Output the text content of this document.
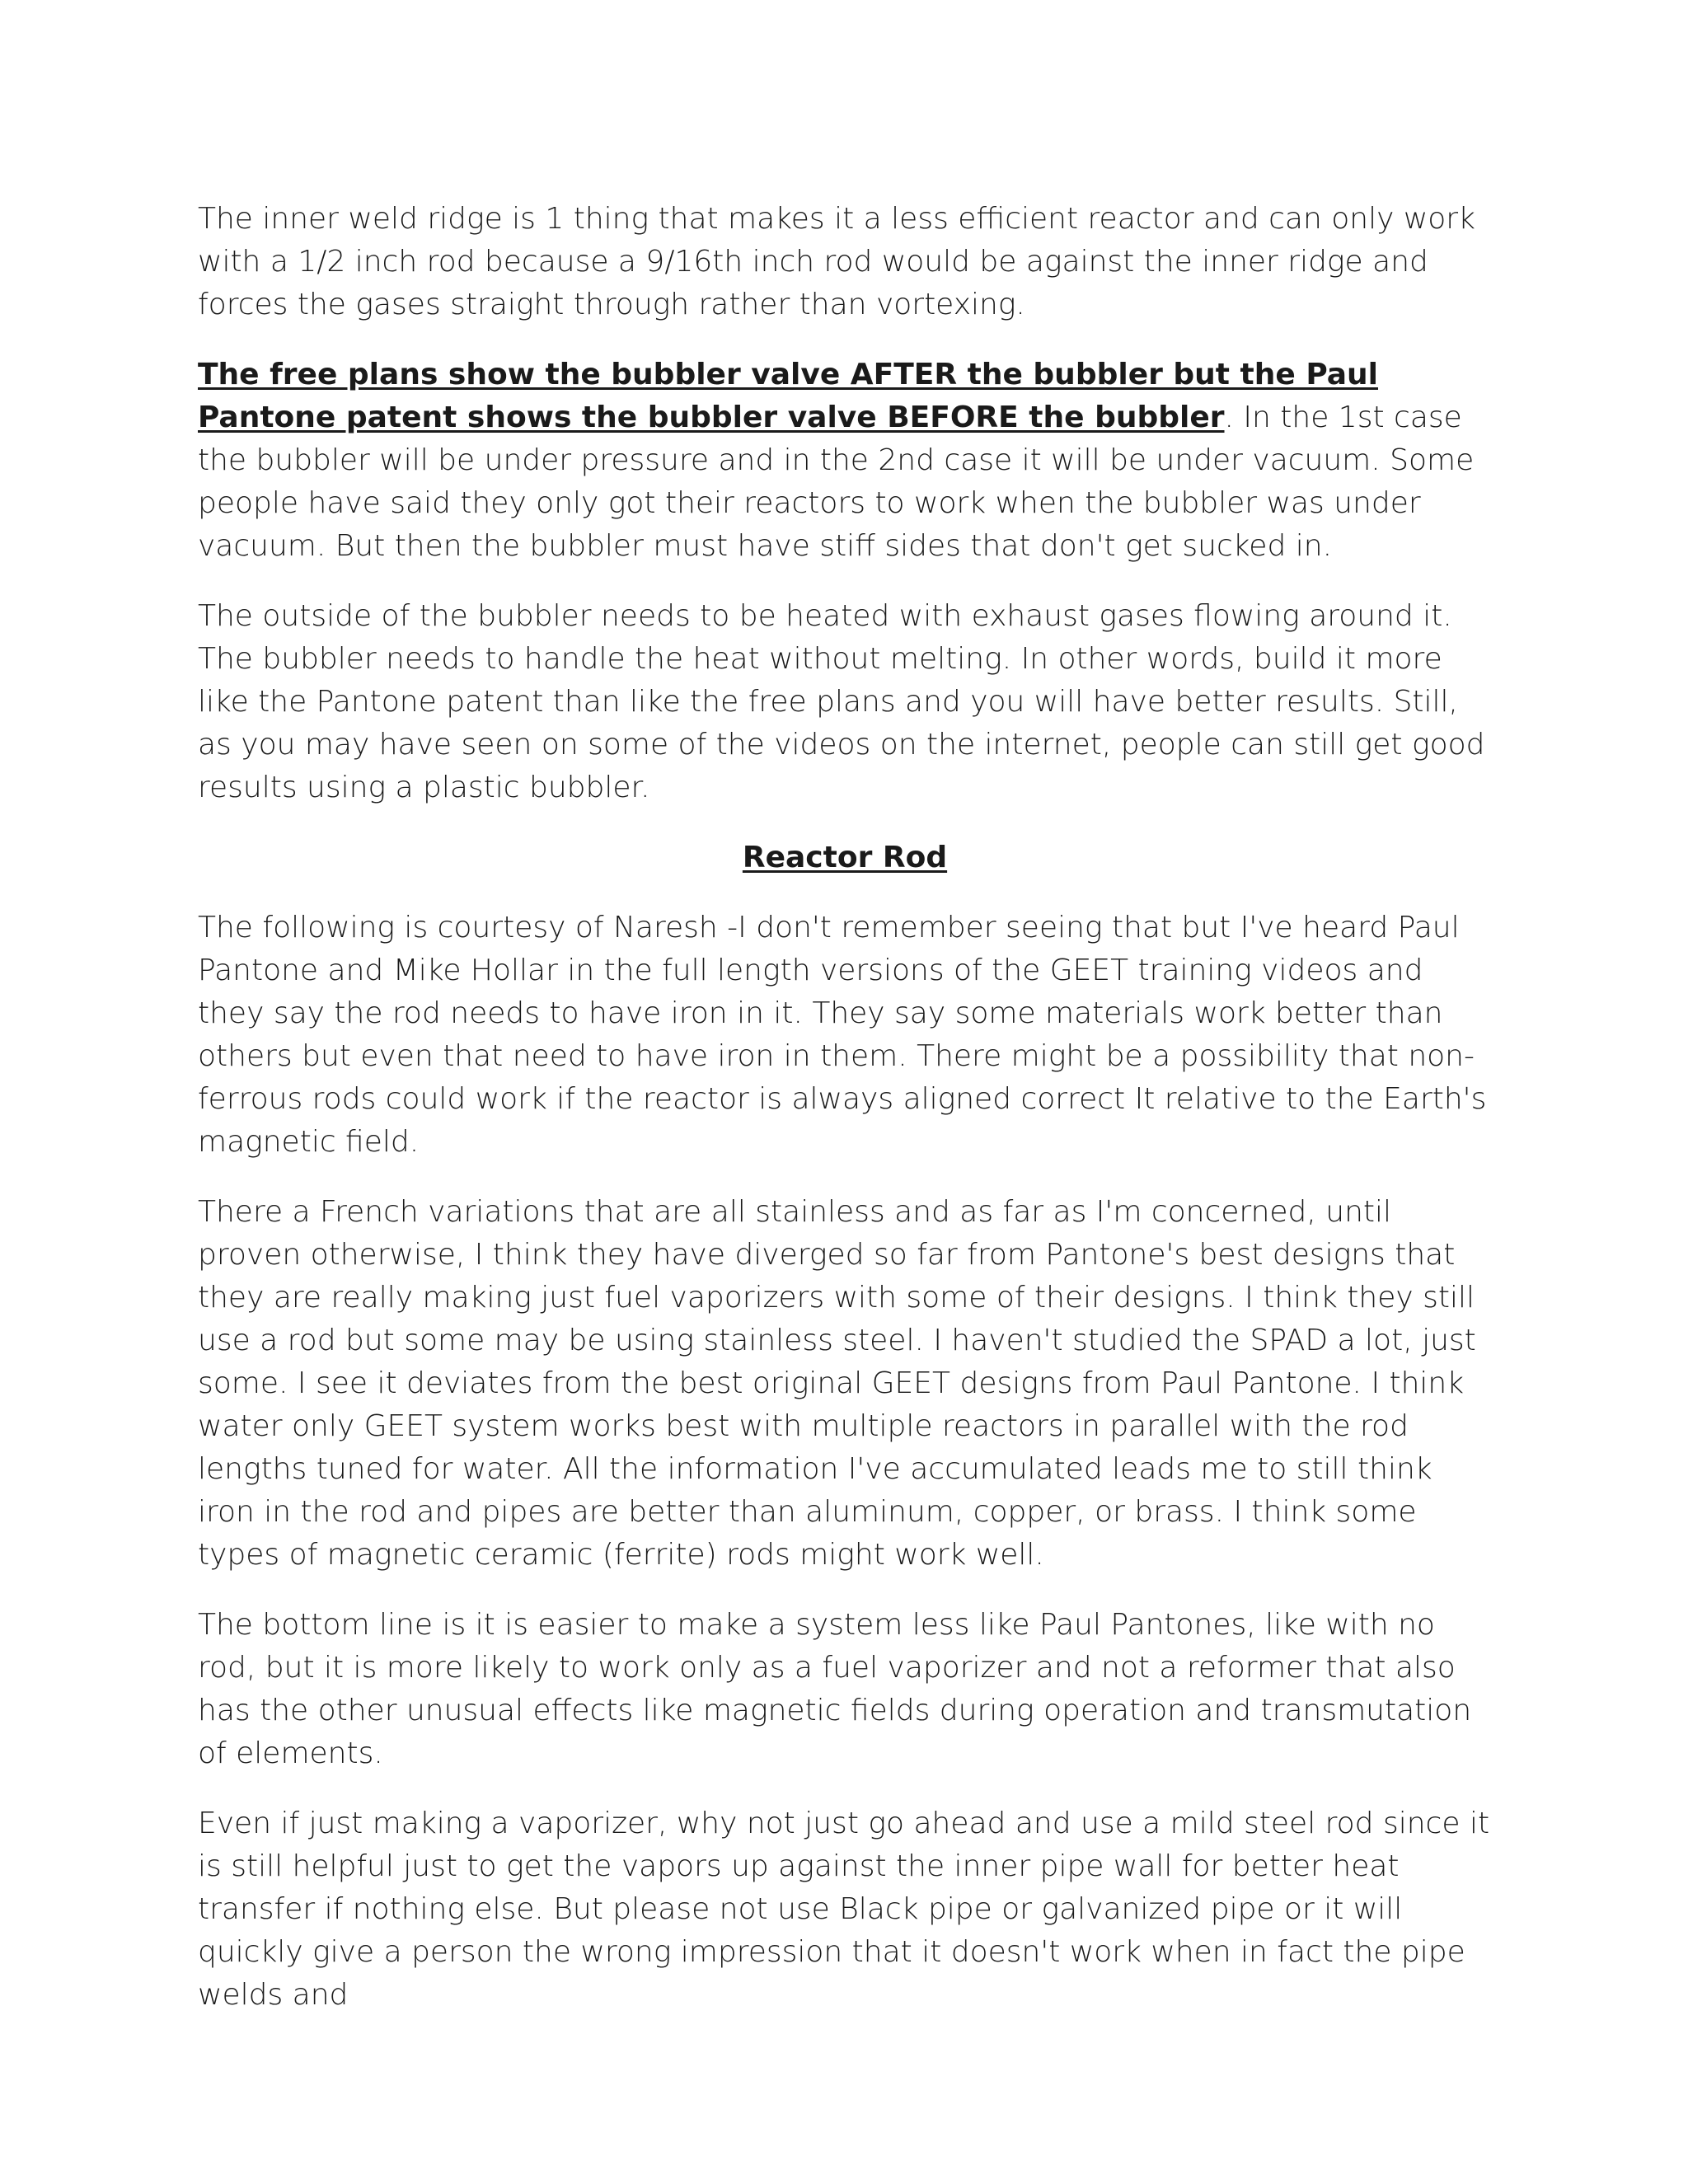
The inner weld ridge is 1 thing that makes it a less efficient reactor and can only work with a 1/2 inch rod because a 9/16th inch rod would be against the inner ridge and forces the gases straight through rather than vortexing.

The free plans show the bubbler valve AFTER the bubbler but the Paul Pantone patent shows the bubbler valve BEFORE the bubbler. In the 1st case the bubbler will be under pressure and in the 2nd case it will be under vacuum. Some people have said they only got their reactors to work when the bubbler was under vacuum. But then the bubbler must have stiff sides that don't get sucked in.

The outside of the bubbler needs to be heated with exhaust gases flowing around it. The bubbler needs to handle the heat without melting. In other words, build it more like the Pantone patent than like the free plans and you will have better results. Still, as you may have seen on some of the videos on the internet, people can still get good results using a plastic bubbler.

Reactor Rod

The following is courtesy of Naresh -I don't remember seeing that but I've heard Paul Pantone and Mike Hollar in the full length versions of the GEET training videos and they say the rod needs to have iron in it. They say some materials work better than others but even that need to have iron in them. There might be a possibility that non-ferrous rods could work if the reactor is always aligned correct It relative to the Earth's magnetic field.

There a French variations that are all stainless and as far as I'm concerned, until proven otherwise, I think they have diverged so far from Pantone's best designs that they are really making just fuel vaporizers with some of their designs. I think they still use a rod but some may be using stainless steel. I haven't studied the SPAD a lot, just some. I see it deviates from the best original GEET designs from Paul Pantone. I think water only GEET system works best with multiple reactors in parallel with the rod lengths tuned for water. All the information I've accumulated leads me to still think iron in the rod and pipes are better than aluminum, copper, or brass. I think some types of magnetic ceramic (ferrite) rods might work well.

The bottom line is it is easier to make a system less like Paul Pantones, like with no rod, but it is more likely to work only as a fuel vaporizer and not a reformer that also has the other unusual effects like magnetic fields during operation and transmutation of elements.

Even if just making a vaporizer, why not just go ahead and use a mild steel rod since it is still helpful just to get the vapors up against the inner pipe wall for better heat transfer if nothing else. But please not use Black pipe or galvanized pipe or it will quickly give a person the wrong impression that it doesn't work when in fact the pipe welds and
